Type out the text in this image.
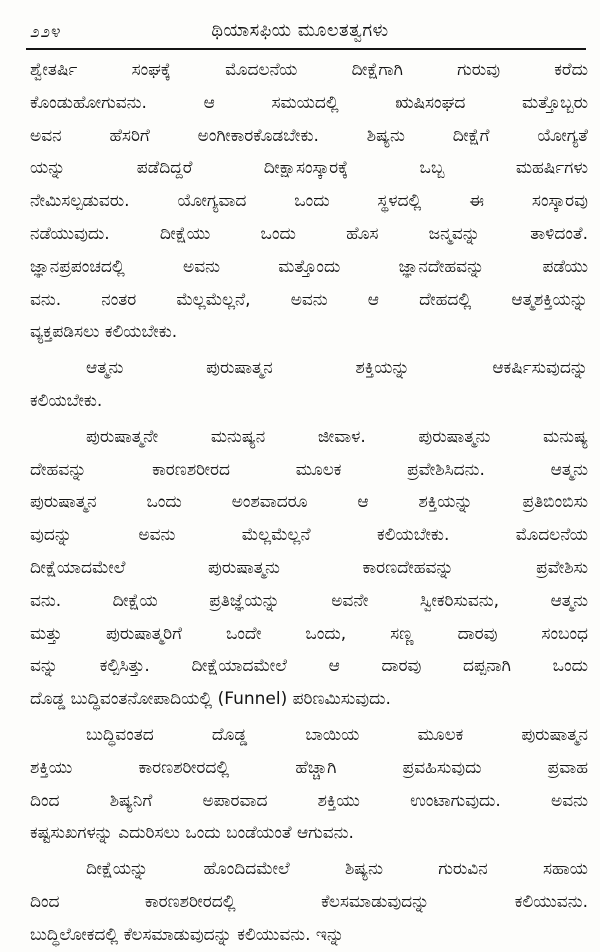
೨೨೪	ಥಿಯಾಸಫಿಯ ಮೂಲತತ್ವಗಳು
ಶ್ವೇತರ್ಷಿ ಸಂಘಕ್ಕೆ ಮೊದಲನೆಯ ದೀಕ್ಷೆಗಾಗಿ ಗುರುವು ಕರೆದು
ಕೊಂಡುಹೋಗುವನು. ಆ ಸಮಯದಲ್ಲಿ ಋಷಿಸಂಘದ ಮತ್ತೊಬ್ಬರು
ಅವನ ಹೆಸರಿಗೆ ಅಂಗೀಕಾರಕೊಡಬೇಕು. ಶಿಷ್ಯನು ದೀಕ್ಷೆಗೆ ಯೋಗ್ಯತೆ
ಯನ್ನು ಪಡೆದಿದ್ದರೆ ದೀಕ್ಷಾಸಂಸ್ಕಾರಕ್ಕೆ ಒಬ್ಬ ಮಹರ್ಷಿಗಳು
ನೇಮಿಸಲ್ಪಡುವರು. ಯೋಗ್ಯವಾದ ಒಂದು ಸ್ಥಳದಲ್ಲಿ ಈ ಸಂಸ್ಕಾರವು
ನಡೆಯುವುದು. ದೀಕ್ಷೆಯು ಒಂದು ಹೊಸ ಜನ್ಮವನ್ನು ತಾಳಿದಂತೆ.
ಜ್ಞಾನಪ್ರಪಂಚದಲ್ಲಿ ಅವನು ಮತ್ತೊಂದು ಜ್ಞಾನದೇಹವನ್ನು ಪಡೆಯು
ವನು. ನಂತರ ಮೆಲ್ಲಮೆಲ್ಲನೆ, ಅವನು ಆ ದೇಹದಲ್ಲಿ ಆತ್ಮಶಕ್ತಿಯನ್ನು
ವ್ಯಕ್ತಪಡಿಸಲು ಕಲಿಯಬೇಕು.
ಆತ್ಮನು ಪುರುಷಾತ್ಮನ ಶಕ್ತಿಯನ್ನು ಆಕರ್ಷಿಸುವುದನ್ನು
ಕಲಿಯಬೇಕು.
ಪುರುಷಾತ್ಮನೇ ಮನುಷ್ಯನ ಜೀವಾಳ. ಪುರುಷಾತ್ಮನು ಮನುಷ್ಯ
ದೇಹವನ್ನು ಕಾರಣಶರೀರದ ಮೂಲಕ ಪ್ರವೇಶಿಸಿದನು. ಆತ್ಮನು
ಪುರುಷಾತ್ಮನ ಒಂದು ಅಂಶವಾದರೂ ಆ ಶಕ್ತಿಯನ್ನು ಪ್ರತಿಬಿಂಬಿಸು
ವುದನ್ನು ಅವನು ಮೆಲ್ಲಮೆಲ್ಲನೆ ಕಲಿಯಬೇಕು. ಮೊದಲನೆಯ
ದೀಕ್ಷೆಯಾದಮೇಲೆ ಪುರುಷಾತ್ಮನು ಕಾರಣದೇಹವನ್ನು ಪ್ರವೇಶಿಸು
ವನು. ದೀಕ್ಷೆಯ ಪ್ರತಿಜ್ಞೆಯನ್ನು ಅವನೇ ಸ್ವೀಕರಿಸುವನು, ಆತ್ಮನು
ಮತ್ತು ಪುರುಷಾತ್ಮರಿಗೆ ಒಂದೇ ಒಂದು, ಸಣ್ಣ ದಾರವು ಸಂಬಂಧ
ವನ್ನು ಕಲ್ಪಿಸಿತ್ತು. ದೀಕ್ಷೆಯಾದಮೇಲೆ ಆ ದಾರವು ದಪ್ಪನಾಗಿ ಒಂದು
ದೊಡ್ಡ ಬುದ್ಧಿವಂತನೋಪಾದಿಯಲ್ಲಿ (Funnel) ಪರಿಣಮಿಸುವುದು.
ಬುದ್ಧಿವಂತದ ದೊಡ್ಡ ಬಾಯಿಯ ಮೂಲಕ ಪುರುಷಾತ್ಮನ
ಶಕ್ತಿಯು ಕಾರಣಶರೀರದಲ್ಲಿ ಹೆಚ್ಚಾಗಿ ಪ್ರವಹಿಸುವುದು ಪ್ರವಾಹ
ದಿಂದ ಶಿಷ್ಯನಿಗೆ ಅಪಾರವಾದ ಶಕ್ತಿಯು ಉಂಟಾಗುವುದು. ಅವನು
ಕಷ್ಟಸುಖಗಳನ್ನು ಎದುರಿಸಲು ಒಂದು ಬಂಡೆಯಂತೆ ಆಗುವನು.
ದೀಕ್ಷೆಯನ್ನು ಹೊಂದಿದಮೇಲೆ ಶಿಷ್ಯನು ಗುರುವಿನ ಸಹಾಯ
ದಿಂದ ಕಾರಣಶರೀರದಲ್ಲಿ ಕೆಲಸಮಾಡುವುದನ್ನು ಕಲಿಯುವನು.
ಬುದ್ಧಿಲೋಕದಲ್ಲಿ ಕೆಲಸಮಾಡುವುದನ್ನು ಕಲಿಯುವನು. ಇನ್ನು
